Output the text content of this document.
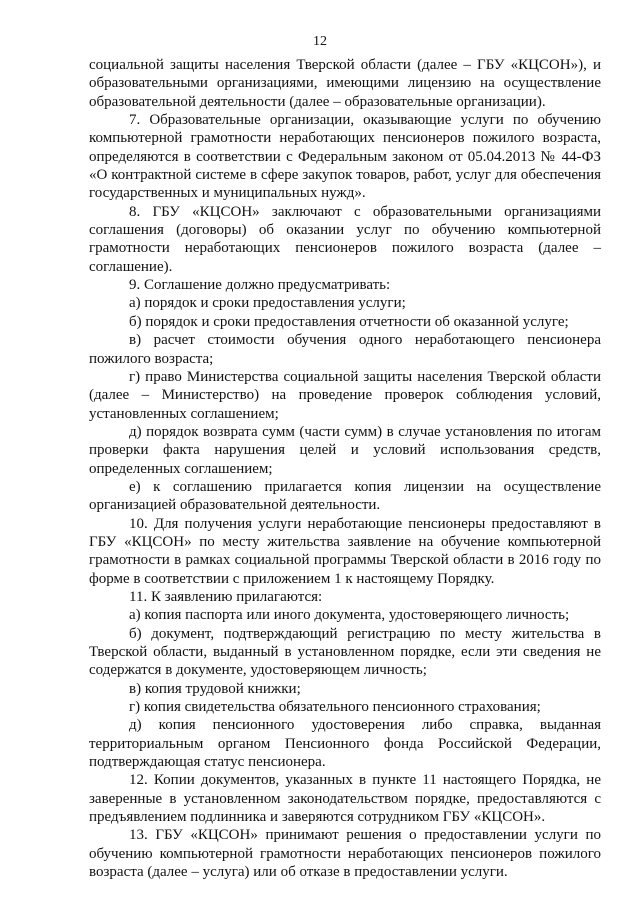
12

социальной защиты населения Тверской области (далее – ГБУ «КЦСОН»), и образовательными организациями, имеющими лицензию на осуществление образовательной деятельности (далее – образовательные организации).

7. Образовательные организации, оказывающие услуги по обучению компьютерной грамотности неработающих пенсионеров пожилого возраста, определяются в соответствии с Федеральным законом от 05.04.2013 № 44-ФЗ «О контрактной системе в сфере закупок товаров, работ, услуг для обеспечения государственных и муниципальных нужд».

8. ГБУ «КЦСОН» заключают с образовательными организациями соглашения (договоры) об оказании услуг по обучению компьютерной грамотности неработающих пенсионеров пожилого возраста (далее – соглашение).

9. Соглашение должно предусматривать:

а) порядок и сроки предоставления услуги;

б) порядок и сроки предоставления отчетности об оказанной услуге;

в) расчет стоимости обучения одного неработающего пенсионера пожилого возраста;

г) право Министерства социальной защиты населения Тверской области (далее – Министерство) на проведение проверок соблюдения условий, установленных соглашением;

д) порядок возврата сумм (части сумм) в случае установления по итогам проверки факта нарушения целей и условий использования средств, определенных соглашением;

е) к соглашению прилагается копия лицензии на осуществление организацией образовательной деятельности.

10. Для получения услуги неработающие пенсионеры предоставляют в ГБУ «КЦСОН» по месту жительства заявление на обучение компьютерной грамотности в рамках социальной программы Тверской области в 2016 году по форме в соответствии с приложением 1 к настоящему Порядку.

11. К заявлению прилагаются:

а) копия паспорта или иного документа, удостоверяющего личность;

б) документ, подтверждающий регистрацию по месту жительства в Тверской области, выданный в установленном порядке, если эти сведения не содержатся в документе, удостоверяющем личность;

в) копия трудовой книжки;

г) копия свидетельства обязательного пенсионного страхования;

д) копия пенсионного удостоверения либо справка, выданная территориальным органом Пенсионного фонда Российской Федерации, подтверждающая статус пенсионера.

12. Копии документов, указанных в пункте 11 настоящего Порядка, не заверенные в установленном законодательством порядке, предоставляются с предъявлением подлинника и заверяются сотрудником ГБУ «КЦСОН».

13. ГБУ «КЦСОН» принимают решения о предоставлении услуги по обучению компьютерной грамотности неработающих пенсионеров пожилого возраста (далее – услуга) или об отказе в предоставлении услуги.
